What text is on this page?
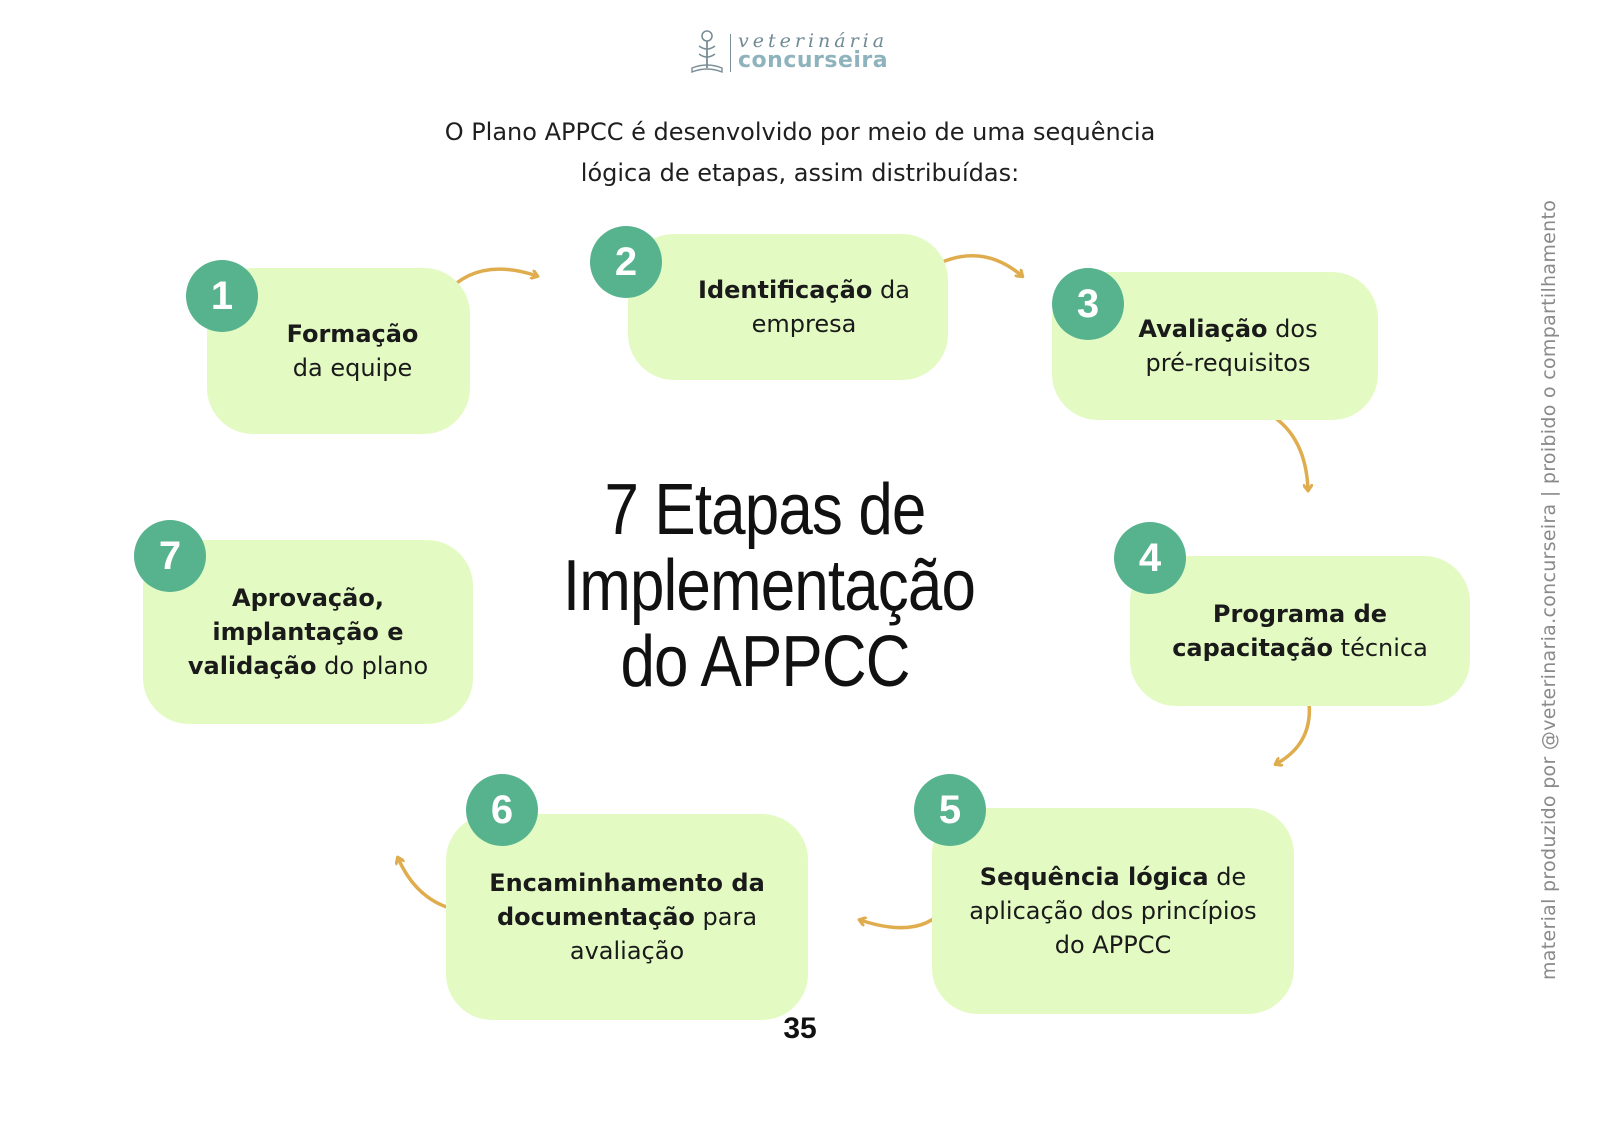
veterinária
concurseira
O Plano APPCC é desenvolvido por meio de uma sequência
lógica de etapas, assim distribuídas:
Formação
da equipe
1	Identificação da empresa
2
Avaliação dos pré-requisitos
3
7 Etapas de
Implementação
do APPCC
Aprovação, implantação e validação do plano
7
Programa de capacitação técnica
4
Sequência lógica de aplicação dos princípios do APPCC
5
Encaminhamento da documentação para avaliação
6
35
material produzido por @veterinaria.concurseira | proibido o compartilhamento
